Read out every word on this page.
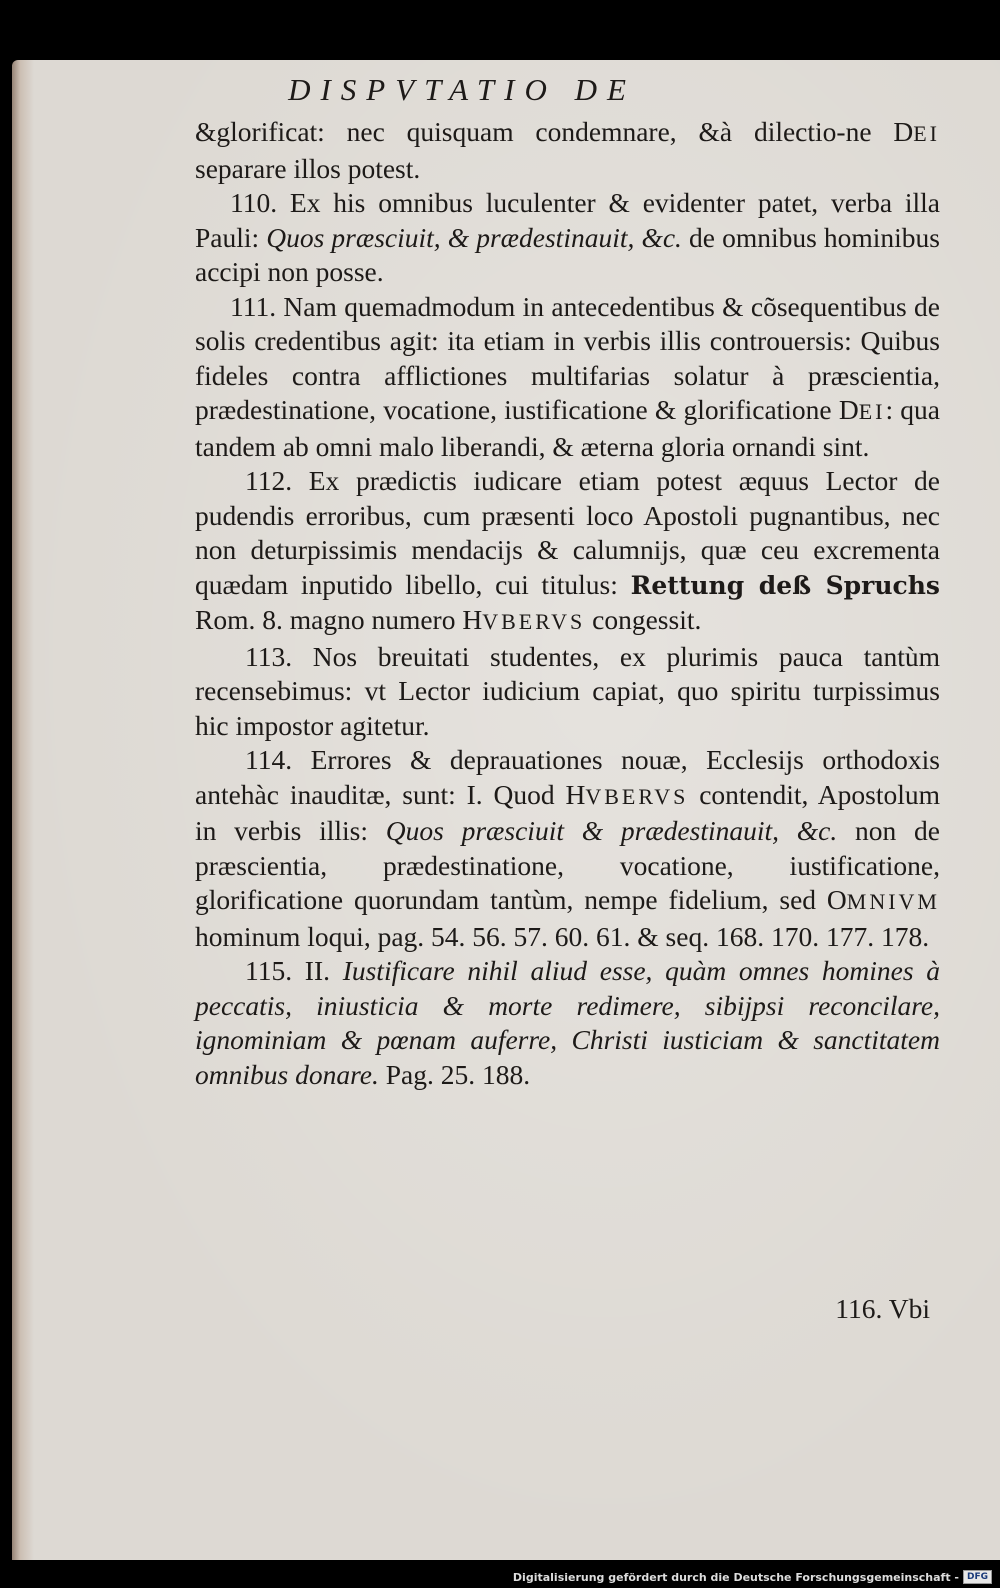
DISPVTATIO DE

&glorificat: nec quisquam condemnare, &à dilectio-ne DEI separare illos potest.

110. Ex his omnibus luculenter & evidenter patet, verba illa Pauli: Quos præsciuit, & prædestinauit, &c. de omnibus hominibus accipi non posse.

111. Nam quemadmodum in antecedentibus & cõsequentibus de solis credentibus agit: ita etiam in verbis illis controuersis: Quibus fideles contra afflictiones multifarias solatur à præscientia, prædestinatione, vocatione, iustificatione & glorificatione DEI: qua tandem ab omni malo liberandi, & æterna gloria ornandi sint.

112. Ex prædictis iudicare etiam potest æquus Lector de pudendis erroribus, cum præsenti loco Apostoli pugnantibus, nec non deturpissimis mendacijs & calumnijs, quæ ceu excrementa quædam inputido libello, cui titulus: Rettung deß Spruchs Rom. 8. magno numero HVBERVS congessit.

113. Nos breuitati studentes, ex plurimis pauca tantùm recensebimus: vt Lector iudicium capiat, quo spiritu turpissimus hic impostor agitetur.

114. Errores & deprauationes nouæ, Ecclesijs orthodoxis antehàc inauditæ, sunt: I. Quod HVBERVS contendit, Apostolum in verbis illis: Quos præsciuit & prædestinauit, &c. non de præscientia, prædestinatione, vocatione, iustificatione, glorificatione quorundam tantùm, nempe fidelium, sed OMNIVM hominum loqui, pag. 54. 56. 57. 60. 61. & seq. 168. 170. 177. 178.

115. II. Iustificare nihil aliud esse, quàm omnes homines à peccatis, iniusticia & morte redimere, sibijpsi reconcilare, ignominiam & pœnam auferre, Christi iusticiam & sanctitatem omnibus donare. Pag. 25. 188.

116. Vbi
Digitalisierung gefördert durch die Deutsche Forschungsgemeinschaft - DFG
